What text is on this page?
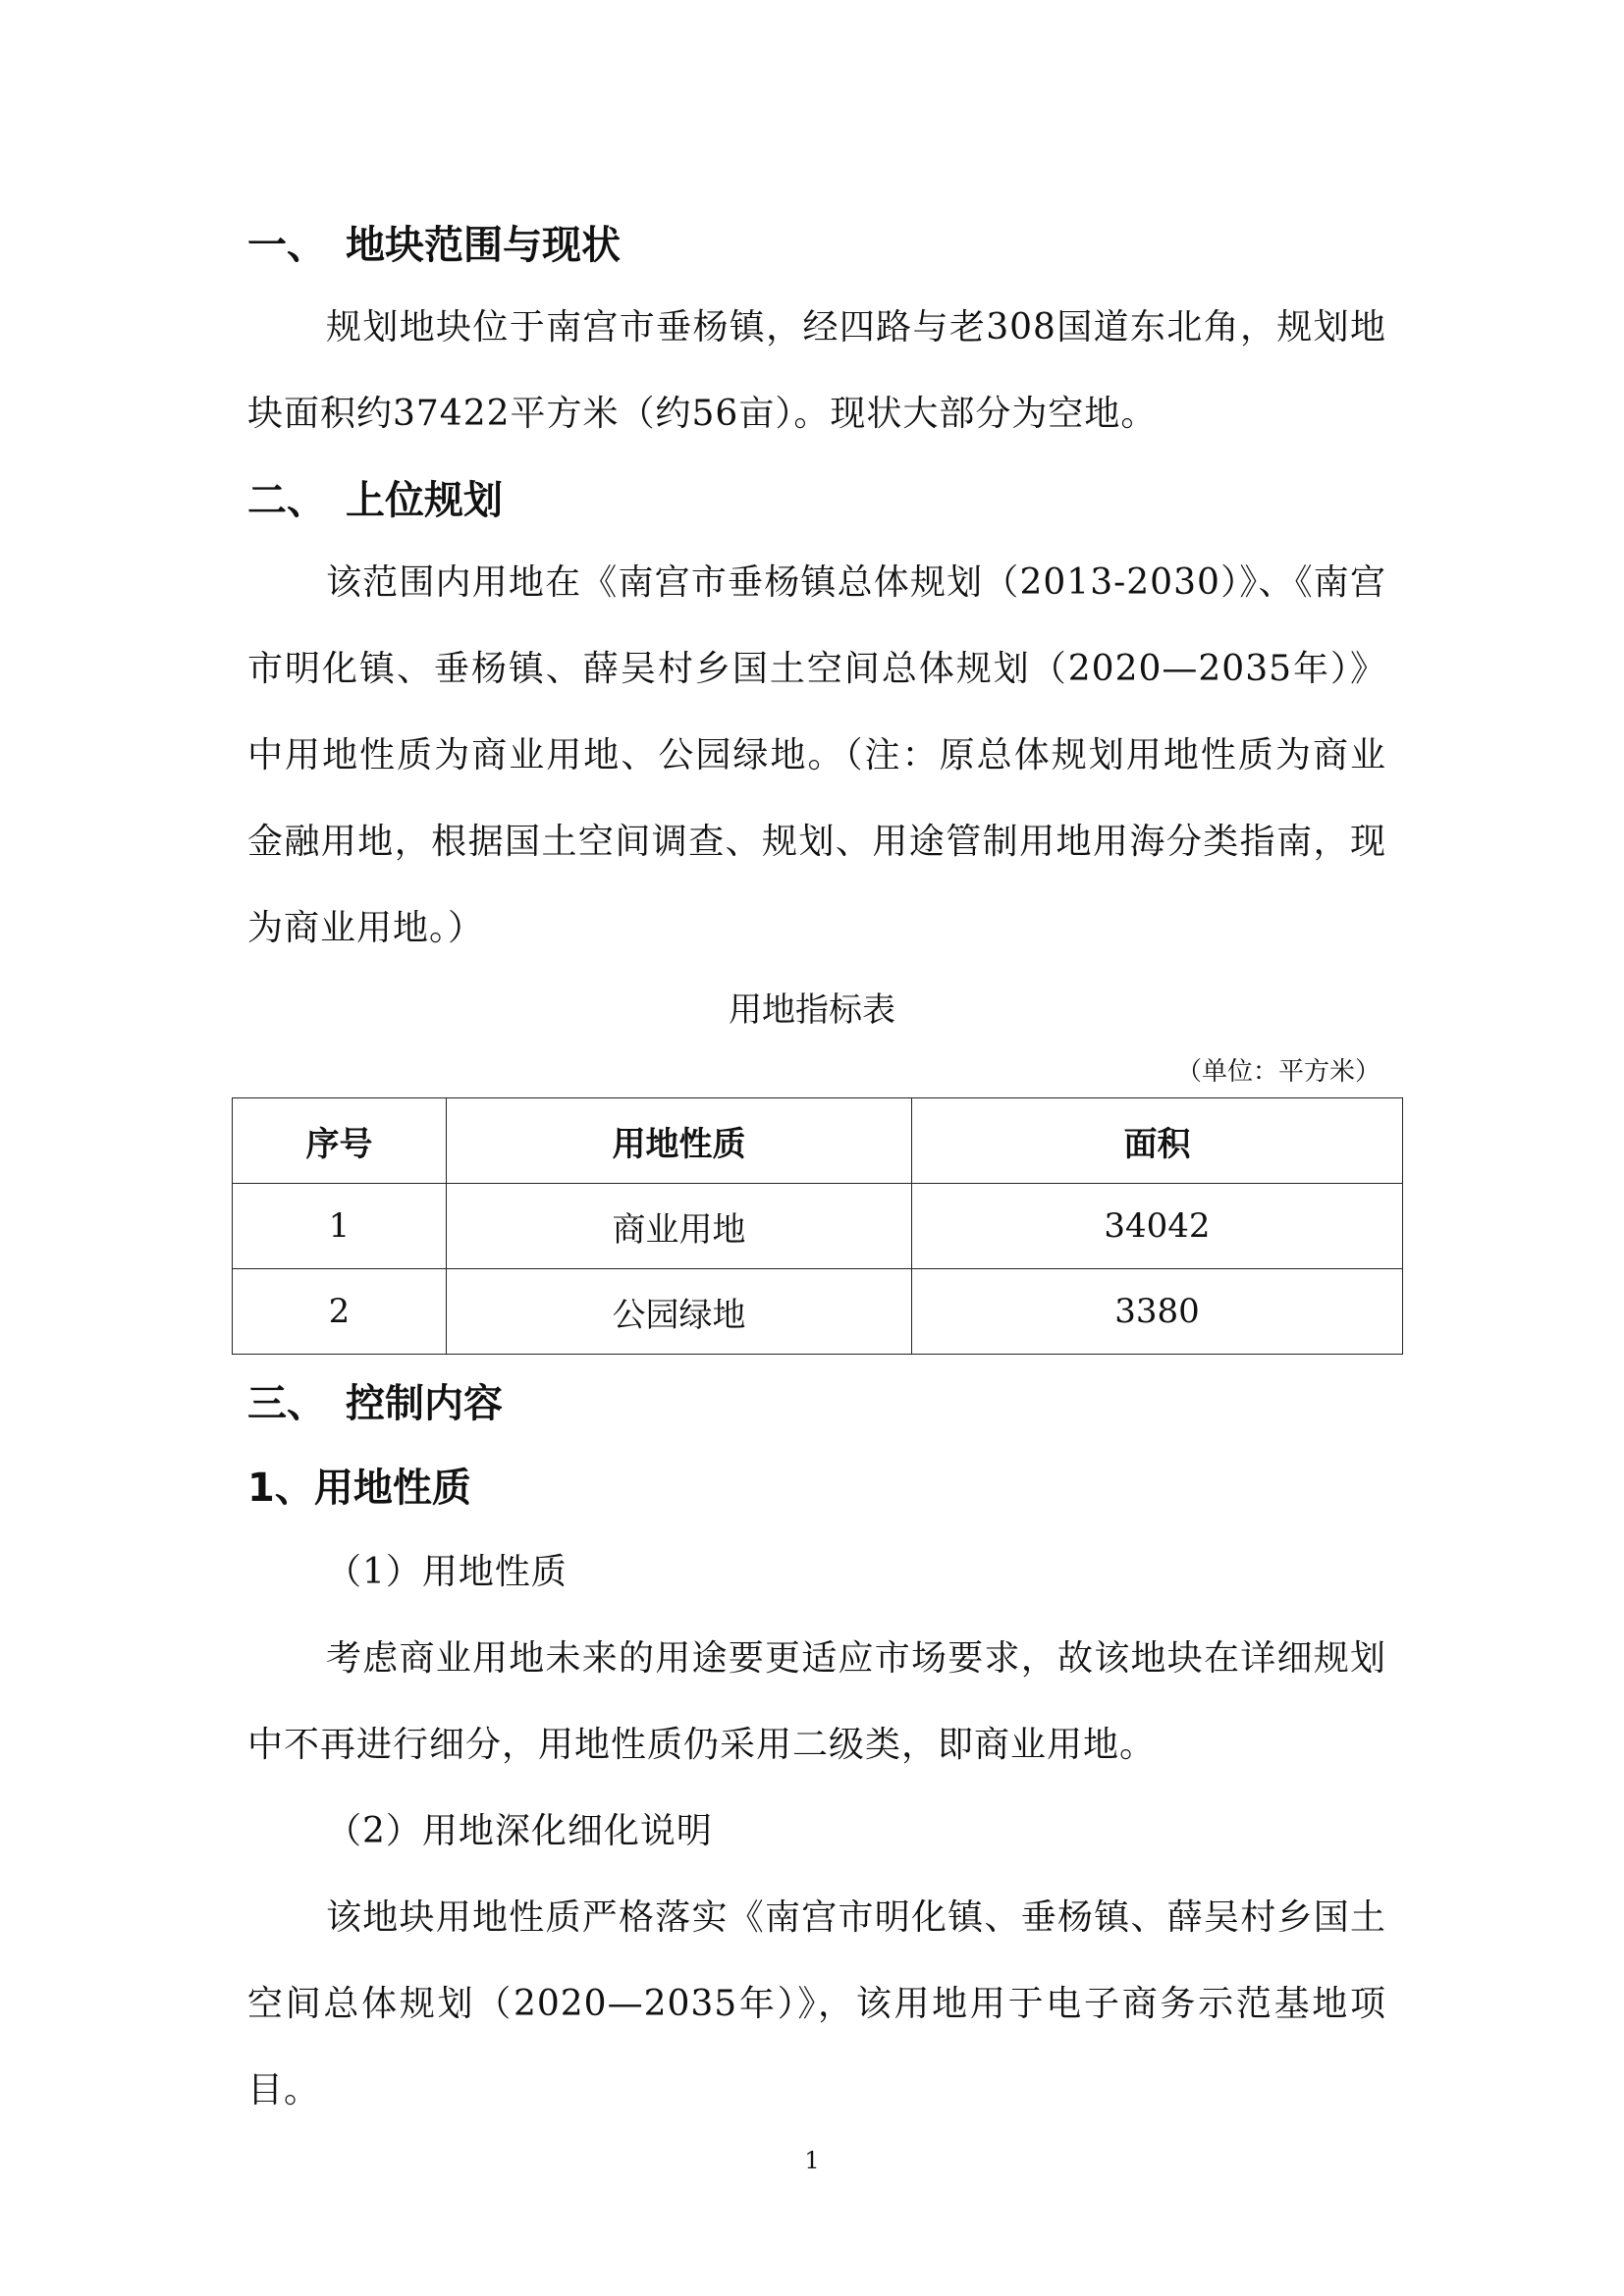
一、 地块范围与现状

规划地块位于南宫市垂杨镇，经四路与老308国道东北角，规划地块面积约37422平方米（约56亩）。现状大部分为空地。

二、 上位规划

该范围内用地在《南宫市垂杨镇总体规划（2013-2030）》、《南宫市明化镇、垂杨镇、薛吴村乡国土空间总体规划（2020—2035年）》中用地性质为商业用地、公园绿地。（注：原总体规划用地性质为商业金融用地，根据国土空间调查、规划、用途管制用地用海分类指南，现为商业用地。）

用地指标表
（单位：平方米）
序号	用地性质	面积
1	商业用地	34042
2	公园绿地	3380
三、 控制内容
1、用地性质
（1）用地性质

考虑商业用地未来的用途要更适应市场要求，故该地块在详细规划中不再进行细分，用地性质仍采用二级类，即商业用地。

（2）用地深化细化说明

该地块用地性质严格落实《南宫市明化镇、垂杨镇、薛吴村乡国土空间总体规划（2020—2035年）》，该用地用于电子商务示范基地项目。

1
